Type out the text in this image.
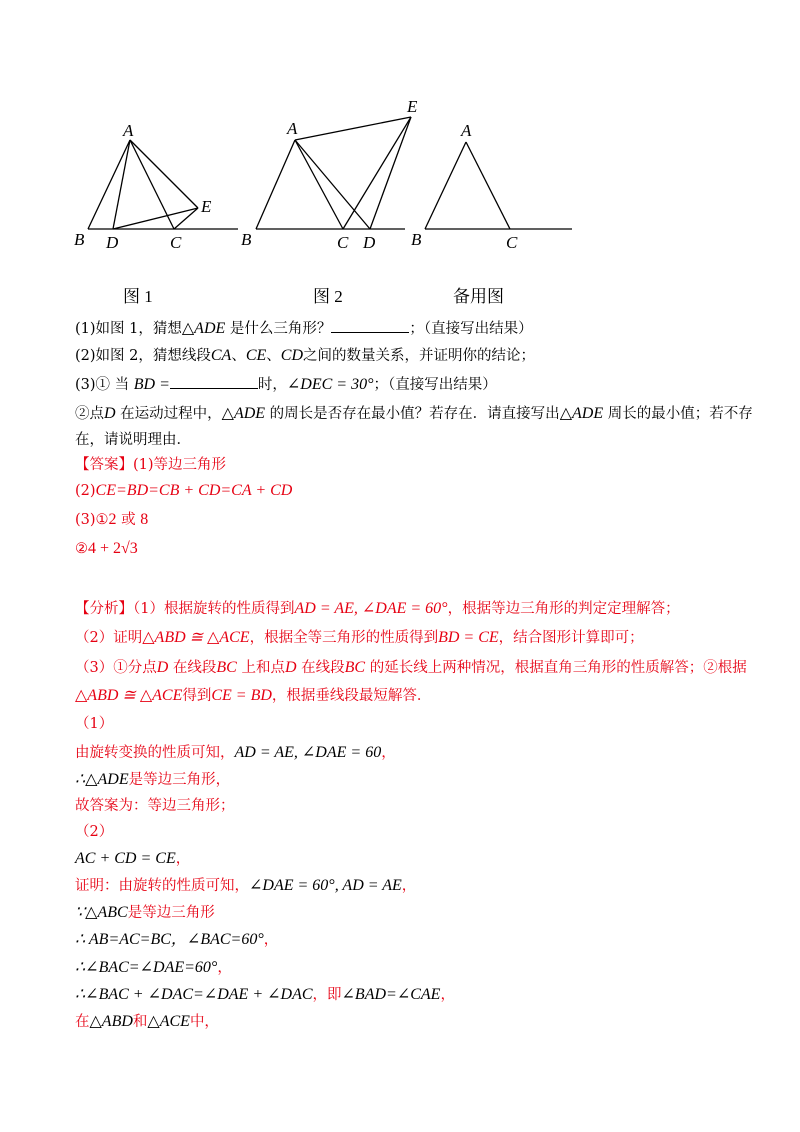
A
B D	C
E
A
E
B	C D
A
B	C
图 1	图 2	备用图
(1)如图 1，猜想△ADE 是什么三角形？	；（直接写出结果）
(2)如图 2，猜想线段CA、CE、CD之间的数量关系，并证明你的结论；
(3)① 当 BD =	时，∠DEC = 30°；（直接写出结果）
②点D 在运动过程中，△ADE 的周长是否存在最小值？若存在．请直接写出△ADE 周长的最小值；若不存
在，请说明理由．
【答案】(1)等边三角形
(2)CE=BD=CB + CD=CA + CD
(3)①2 或 8
②4 + 2√3
【分析】（1）根据旋转的性质得到AD = AE, ∠DAE = 60°，根据等边三角形的判定定理解答；
（2）证明△ABD ≅ △ACE，根据全等三角形的性质得到BD = CE，结合图形计算即可；
（3）①分点D 在线段BC 上和点D 在线段BC 的延长线上两种情况，根据直角三角形的性质解答；②根据
△ABD ≅ △ACE得到CE = BD，根据垂线段最短解答．
（1）
由旋转变换的性质可知，AD = AE, ∠DAE = 60，
∴△ADE是等边三角形，
故答案为：等边三角形；
（2）
AC + CD = CE，
证明：由旋转的性质可知，∠DAE = 60°, AD = AE，
∵△ABC是等边三角形
∴ AB=AC=BC，∠BAC=60°，
∴∠BAC=∠DAE=60°，
∴∠BAC + ∠DAC=∠DAE + ∠DAC，即∠BAD=∠CAE，
在△ABD和△ACE中，
